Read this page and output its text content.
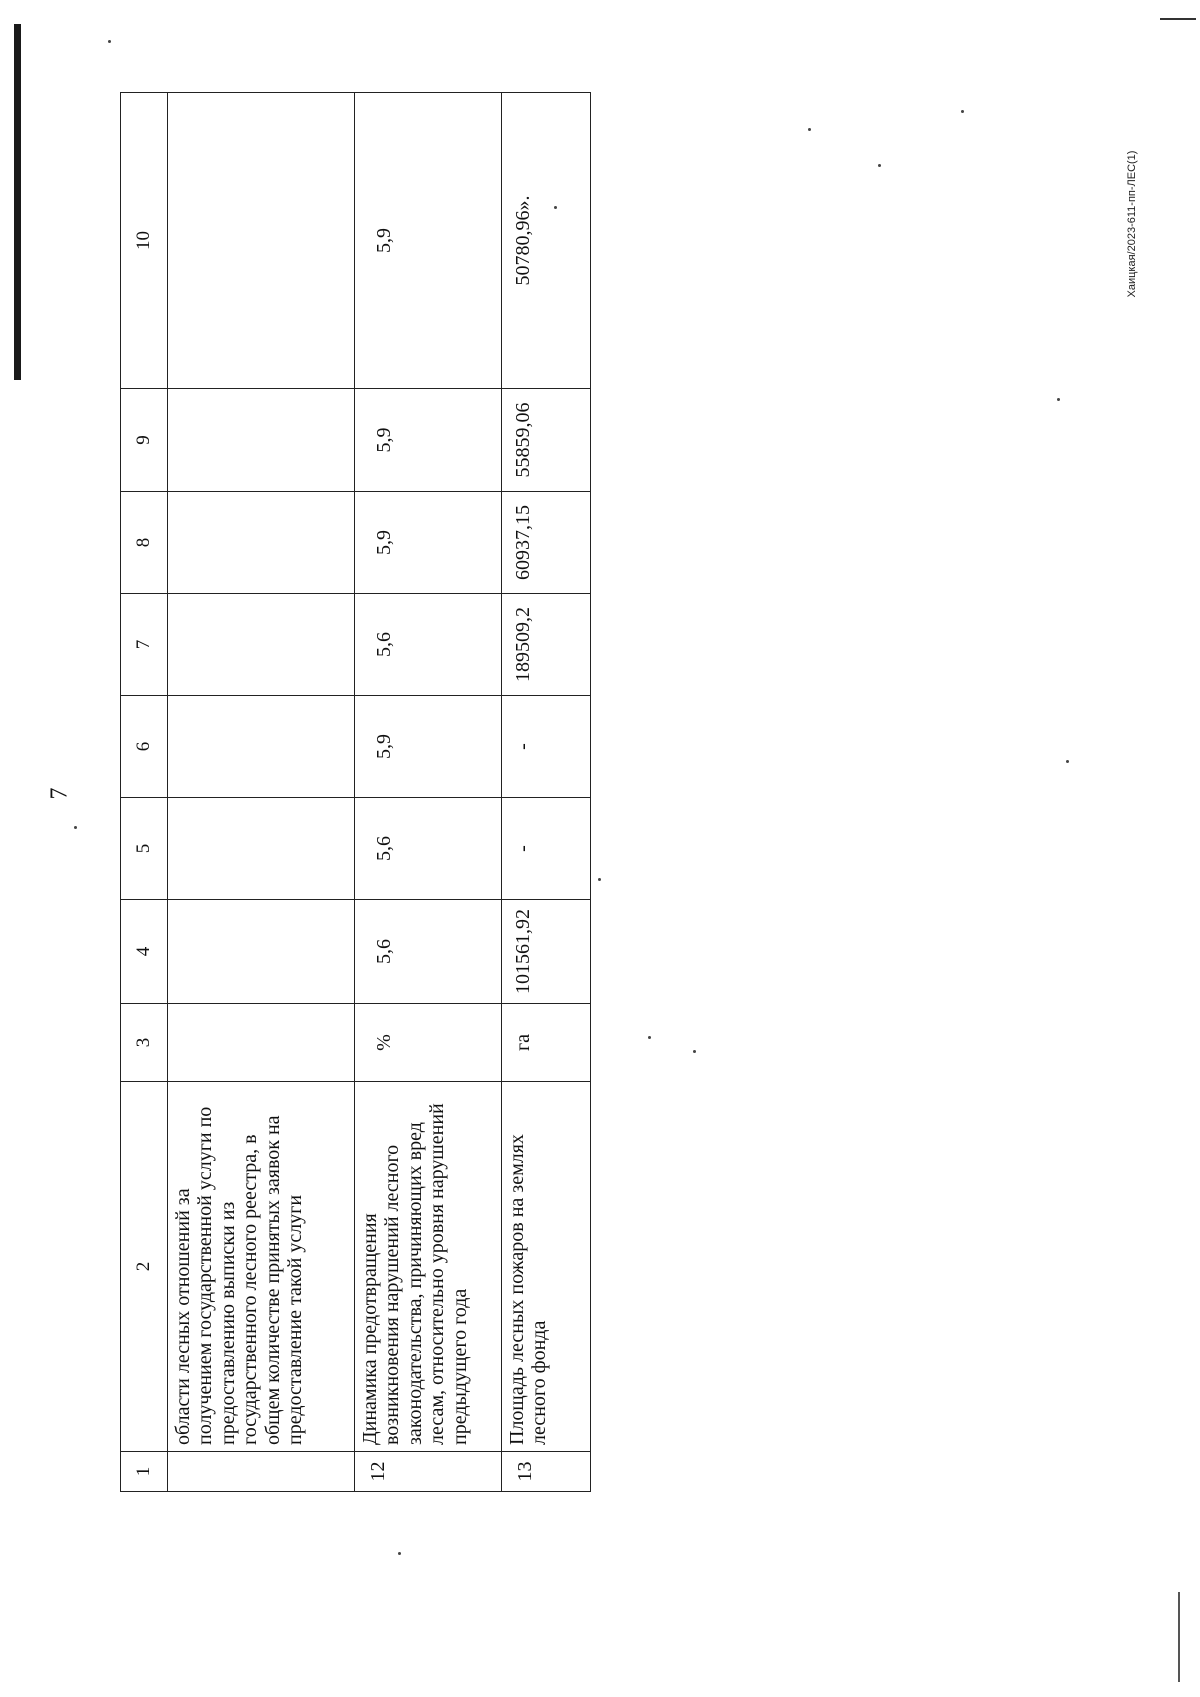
7
Хаицкая/2023-611-пп-ЛЕС(1)
1	2	3	4	5	6	7	8	9	10
	области лесных отношений за получением государственной услуги по предоставлению выписки из государственного лесного реестра, в общем количестве принятых заявок на предоставление такой услуги								
12	Динамика предотвращения возникновения нарушений лесного законодательства, причиняющих вред лесам, относительно уровня нарушений предыдущего года	%	5,6	5,6	5,9	5,6	5,9	5,9	5,9
13	Площадь лесных пожаров на землях лесного фонда	га	101561,92	-	-	189509,2	60937,15	55859,06	50780,96».
